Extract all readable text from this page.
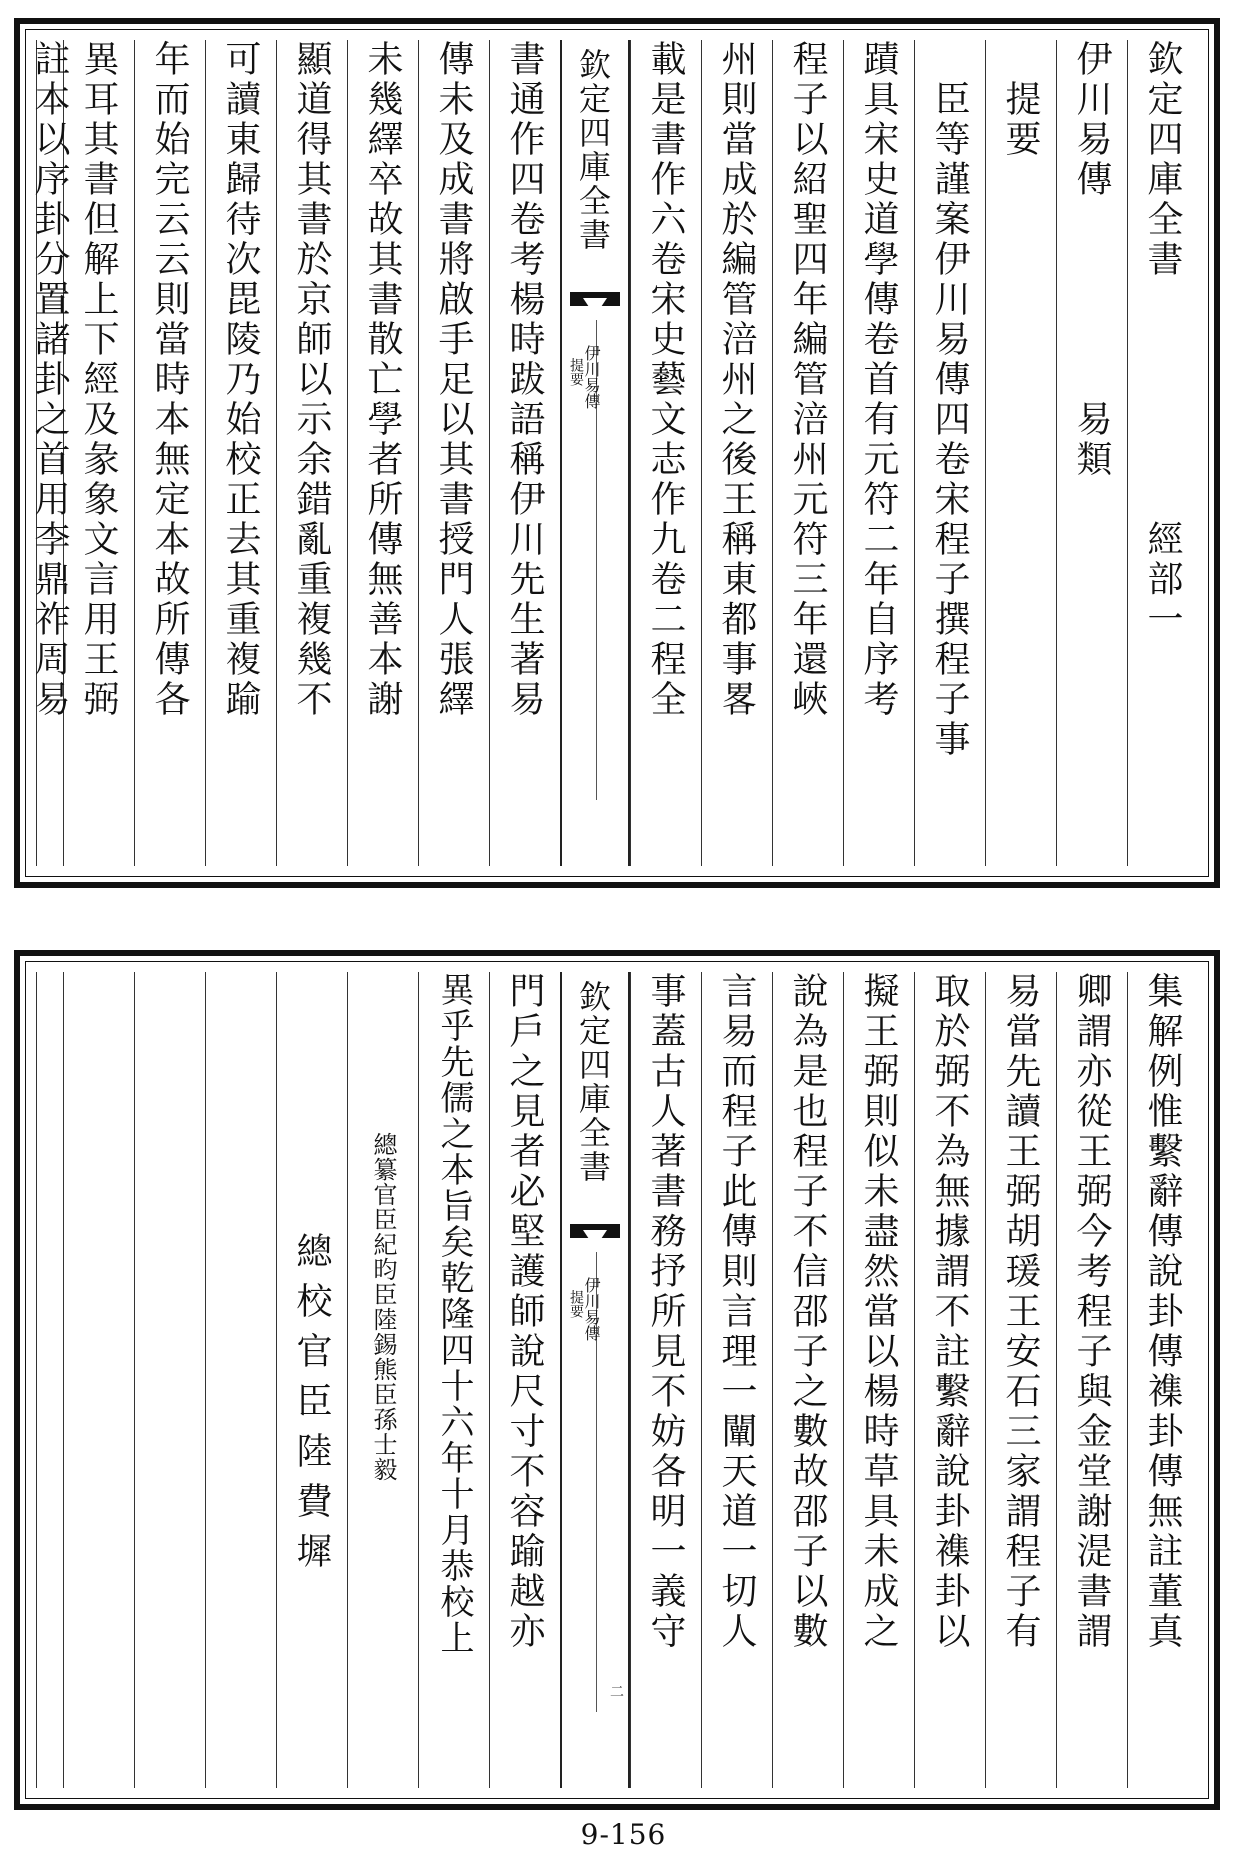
欽定四庫全書　　　　　　經部一
伊川易傳　　　　　易類
　提要
　臣等謹案伊川易傳四卷宋程子撰程子事
蹟具宋史道學傳卷首有元符二年自序考
程子以紹聖四年編管涪州元符三年還峽
州則當成於編管涪州之後王稱東都事畧
載是書作六卷宋史藝文志作九卷二程全
欽定四庫全書
伊川易傳
提要
書通作四卷考楊時跋語稱伊川先生著易
傳未及成書將啟手足以其書授門人張繹
未幾繹卒故其書散亡學者所傳無善本謝
顯道得其書於京師以示余錯亂重複幾不
可讀東歸待次毘陵乃始校正去其重複踰
年而始完云云則當時本無定本故所傳各
異耳其書但解上下經及彖象文言用王弼
註本以序卦分置諸卦之首用李鼎祚周易
集解例惟繫辭傳說卦傳襍卦傳無註董真
卿謂亦從王弼今考程子與金堂謝湜書謂
易當先讀王弼胡瑗王安石三家謂程子有
取於弼不為無據謂不註繫辭說卦襍卦以
擬王弼則似未盡然當以楊時草具未成之
說為是也程子不信邵子之數故邵子以數
言易而程子此傳則言理一闡天道一切人
事蓋古人著書務抒所見不妨各明一義守
欽定四庫全書
伊川易傳
提要
二
門戶之見者必堅護師說尺寸不容踰越亦
異乎先儒之本旨矣乾隆四十六年十月恭校上
總纂官臣紀昀臣陸錫熊臣孫士毅
　　總校官臣陸費墀
9-156
